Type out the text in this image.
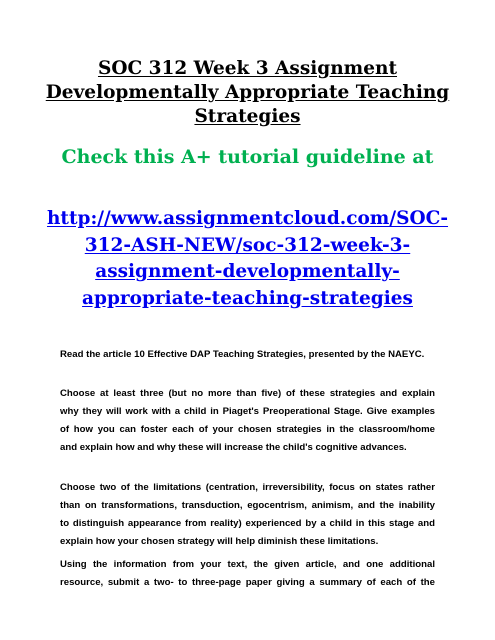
SOC 312 Week 3 Assignment
Developmentally Appropriate Teaching
Strategies
Check this A+ tutorial guideline at
http://www.assignmentcloud.com/SOC-
312-ASH-NEW/soc-312-week-3-
assignment-developmentally-
appropriate-teaching-strategies
Read the article 10 Effective DAP Teaching Strategies, presented by the NAEYC.
Choose at least three (but no more than five) of these strategies and explain
why they will work with a child in Piaget's Preoperational Stage. Give examples
of how you can foster each of your chosen strategies in the classroom/home
and explain how and why these will increase the child's cognitive advances.
Choose two of the limitations (centration, irreversibility, focus on states rather
than on transformations, transduction, egocentrism, animism, and the inability
to distinguish appearance from reality) experienced by a child in this stage and
explain how your chosen strategy will help diminish these limitations.
Using the information from your text, the given article, and one additional
resource, submit a two- to three-page paper giving a summary of each of the
